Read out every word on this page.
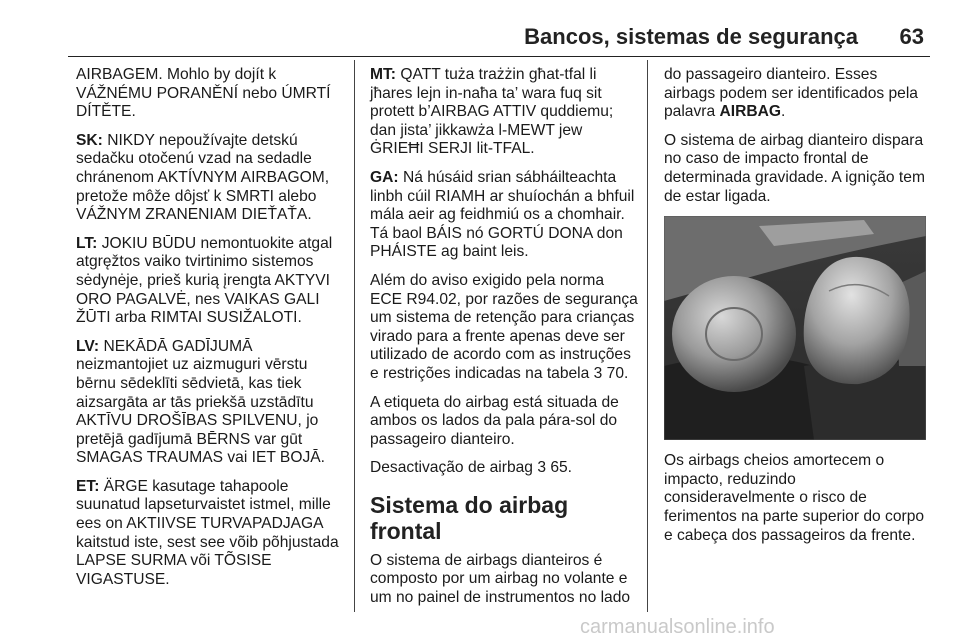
Bancos, sistemas de segurança 63

AIRBAGEM. Mohlo by dojít k VÁŽNÉMU PORANĚNÍ nebo ÚMRTÍ DÍTĚTE.

SK: NIKDY nepoužívajte detskú sedačku otočenú vzad na sedadle chránenom AKTÍVNYM AIRBAGOM, pretože môže dôjsť k SMRTI alebo VÁŽNYM ZRANENIAM DIEŤAŤA.

LT: JOKIU BŪDU nemontuokite atgal atgręžtos vaiko tvirtinimo sistemos sėdynėje, prieš kurią įrengta AKTYVI ORO PAGALVĖ, nes VAIKAS GALI ŽŪTI arba RIMTAI SUSIŽALOTI.

LV: NEKĀDĀ GADĪJUMĀ neizmantojiet uz aizmuguri vērstu bērnu sēdeklīti sēdvietā, kas tiek aizsargāta ar tās priekšā uzstādītu AKTĪVU DROŠĪBAS SPILVENU, jo pretējā gadījumā BĒRNS var gūt SMAGAS TRAUMAS vai IET BOJĀ.

ET: ÄRGE kasutage tahapoole suunatud lapseturvaistet istmel, mille ees on AKTIIVSE TURVAPADJAGA kaitstud iste, sest see võib põhjustada LAPSE SURMA või TÕSISE VIGASTUSE.

MT: QATT tuża trażżin għat-tfal li jħares lejn in-naħa ta’ wara fuq sit protett b’AIRBAG ATTIV quddiemu; dan jista’ jikkawża l-MEWT jew ĠRIEĦI SERJI lit-TFAL.

GA: Ná húsáid srian sábháilteachta linbh cúil RIAMH ar shuíochán a bhfuil mála aeir ag feidhmiú os a chomhair. Tá baol BÁIS nó GORTÚ DONA don PHÁISTE ag baint leis.

Além do aviso exigido pela norma ECE R94.02, por razões de segurança um sistema de retenção para crianças virado para a frente apenas deve ser utilizado de acordo com as instruções e restrições indicadas na tabela 3 70.

A etiqueta do airbag está situada de ambos os lados da pala pára-sol do passageiro dianteiro.

Desactivação de airbag 3 65.

Sistema do airbag frontal

O sistema de airbags dianteiros é composto por um airbag no volante e um no painel de instrumentos no lado

do passageiro dianteiro. Esses airbags podem ser identificados pela palavra AIRBAG.

O sistema de airbag dianteiro dispara no caso de impacto frontal de determinada gravidade. A ignição tem de estar ligada.

Os airbags cheios amortecem o impacto, reduzindo consideravelmente o risco de ferimentos na parte superior do corpo e cabeça dos passageiros da frente.

carmanualsonline.info
